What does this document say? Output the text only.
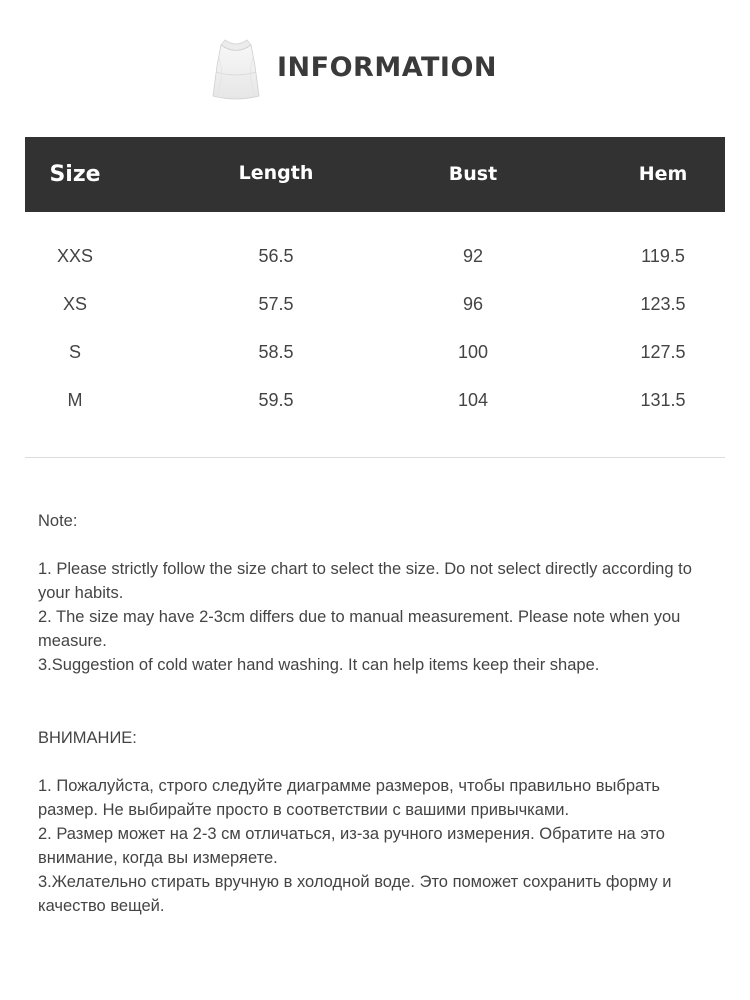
INFORMATION
Size	Length	Bust	Hem
XXS	56.5	92	119.5
XS	57.5	96	123.5
S	58.5	100	127.5
M	59.5	104	131.5

Note:

1. Please strictly follow the size chart to select the size. Do not select directly according to your habits.

2. The size may have 2-3cm differs due to manual measurement. Please note when you measure.

3.Suggestion of cold water hand washing. It can help items keep their shape.

ВНИМАНИЕ:

1. Пожалуйста, строго следуйте диаграмме размеров, чтобы правильно выбрать размер. Не выбирайте просто в соответствии с вашими привычками.

2. Размер может на 2-3 см отличаться, из-за ручного измерения. Обратите на это внимание, когда вы измеряете.

3.Желательно стирать вручную в холодной воде. Это поможет сохранить форму и качество вещей.
